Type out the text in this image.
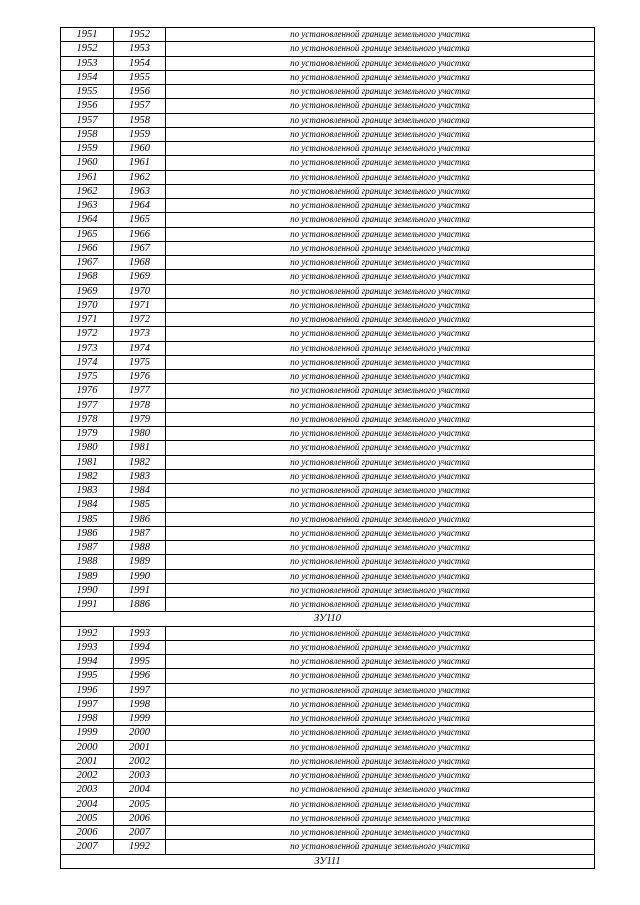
1951	1952	по установленной границе земельного участка
1952	1953	по установленной границе земельного участка
1953	1954	по установленной границе земельного участка
1954	1955	по установленной границе земельного участка
1955	1956	по установленной границе земельного участка
1956	1957	по установленной границе земельного участка
1957	1958	по установленной границе земельного участка
1958	1959	по установленной границе земельного участка
1959	1960	по установленной границе земельного участка
1960	1961	по установленной границе земельного участка
1961	1962	по установленной границе земельного участка
1962	1963	по установленной границе земельного участка
1963	1964	по установленной границе земельного участка
1964	1965	по установленной границе земельного участка
1965	1966	по установленной границе земельного участка
1966	1967	по установленной границе земельного участка
1967	1968	по установленной границе земельного участка
1968	1969	по установленной границе земельного участка
1969	1970	по установленной границе земельного участка
1970	1971	по установленной границе земельного участка
1971	1972	по установленной границе земельного участка
1972	1973	по установленной границе земельного участка
1973	1974	по установленной границе земельного участка
1974	1975	по установленной границе земельного участка
1975	1976	по установленной границе земельного участка
1976	1977	по установленной границе земельного участка
1977	1978	по установленной границе земельного участка
1978	1979	по установленной границе земельного участка
1979	1980	по установленной границе земельного участка
1980	1981	по установленной границе земельного участка
1981	1982	по установленной границе земельного участка
1982	1983	по установленной границе земельного участка
1983	1984	по установленной границе земельного участка
1984	1985	по установленной границе земельного участка
1985	1986	по установленной границе земельного участка
1986	1987	по установленной границе земельного участка
1987	1988	по установленной границе земельного участка
1988	1989	по установленной границе земельного участка
1989	1990	по установленной границе земельного участка
1990	1991	по установленной границе земельного участка
1991	1886	по установленной границе земельного участка
ЗУ110		
1992	1993	по установленной границе земельного участка
1993	1994	по установленной границе земельного участка
1994	1995	по установленной границе земельного участка
1995	1996	по установленной границе земельного участка
1996	1997	по установленной границе земельного участка
1997	1998	по установленной границе земельного участка
1998	1999	по установленной границе земельного участка
1999	2000	по установленной границе земельного участка
2000	2001	по установленной границе земельного участка
2001	2002	по установленной границе земельного участка
2002	2003	по установленной границе земельного участка
2003	2004	по установленной границе земельного участка
2004	2005	по установленной границе земельного участка
2005	2006	по установленной границе земельного участка
2006	2007	по установленной границе земельного участка
2007	1992	по установленной границе земельного участка
ЗУ111		
